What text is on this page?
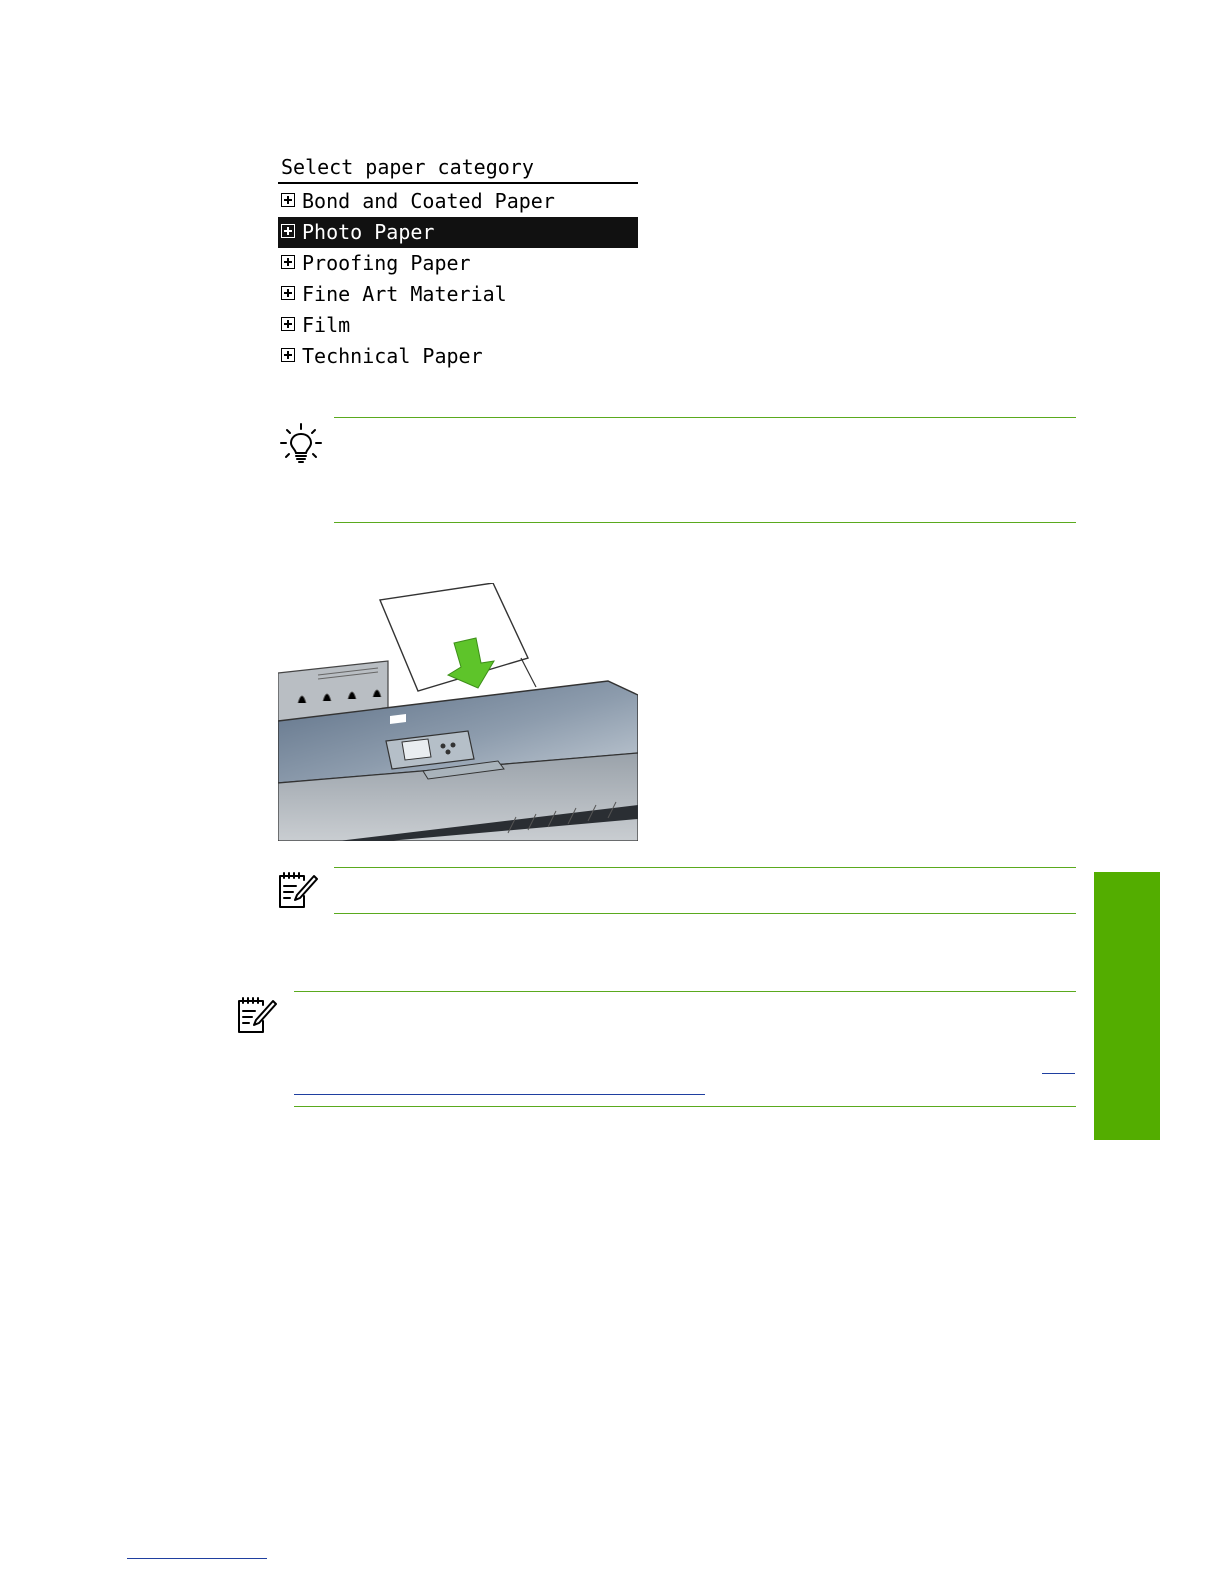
Select paper category
Bond and Coated Paper
Photo Paper
Proofing Paper
Fine Art Material
Film
Technical Paper
